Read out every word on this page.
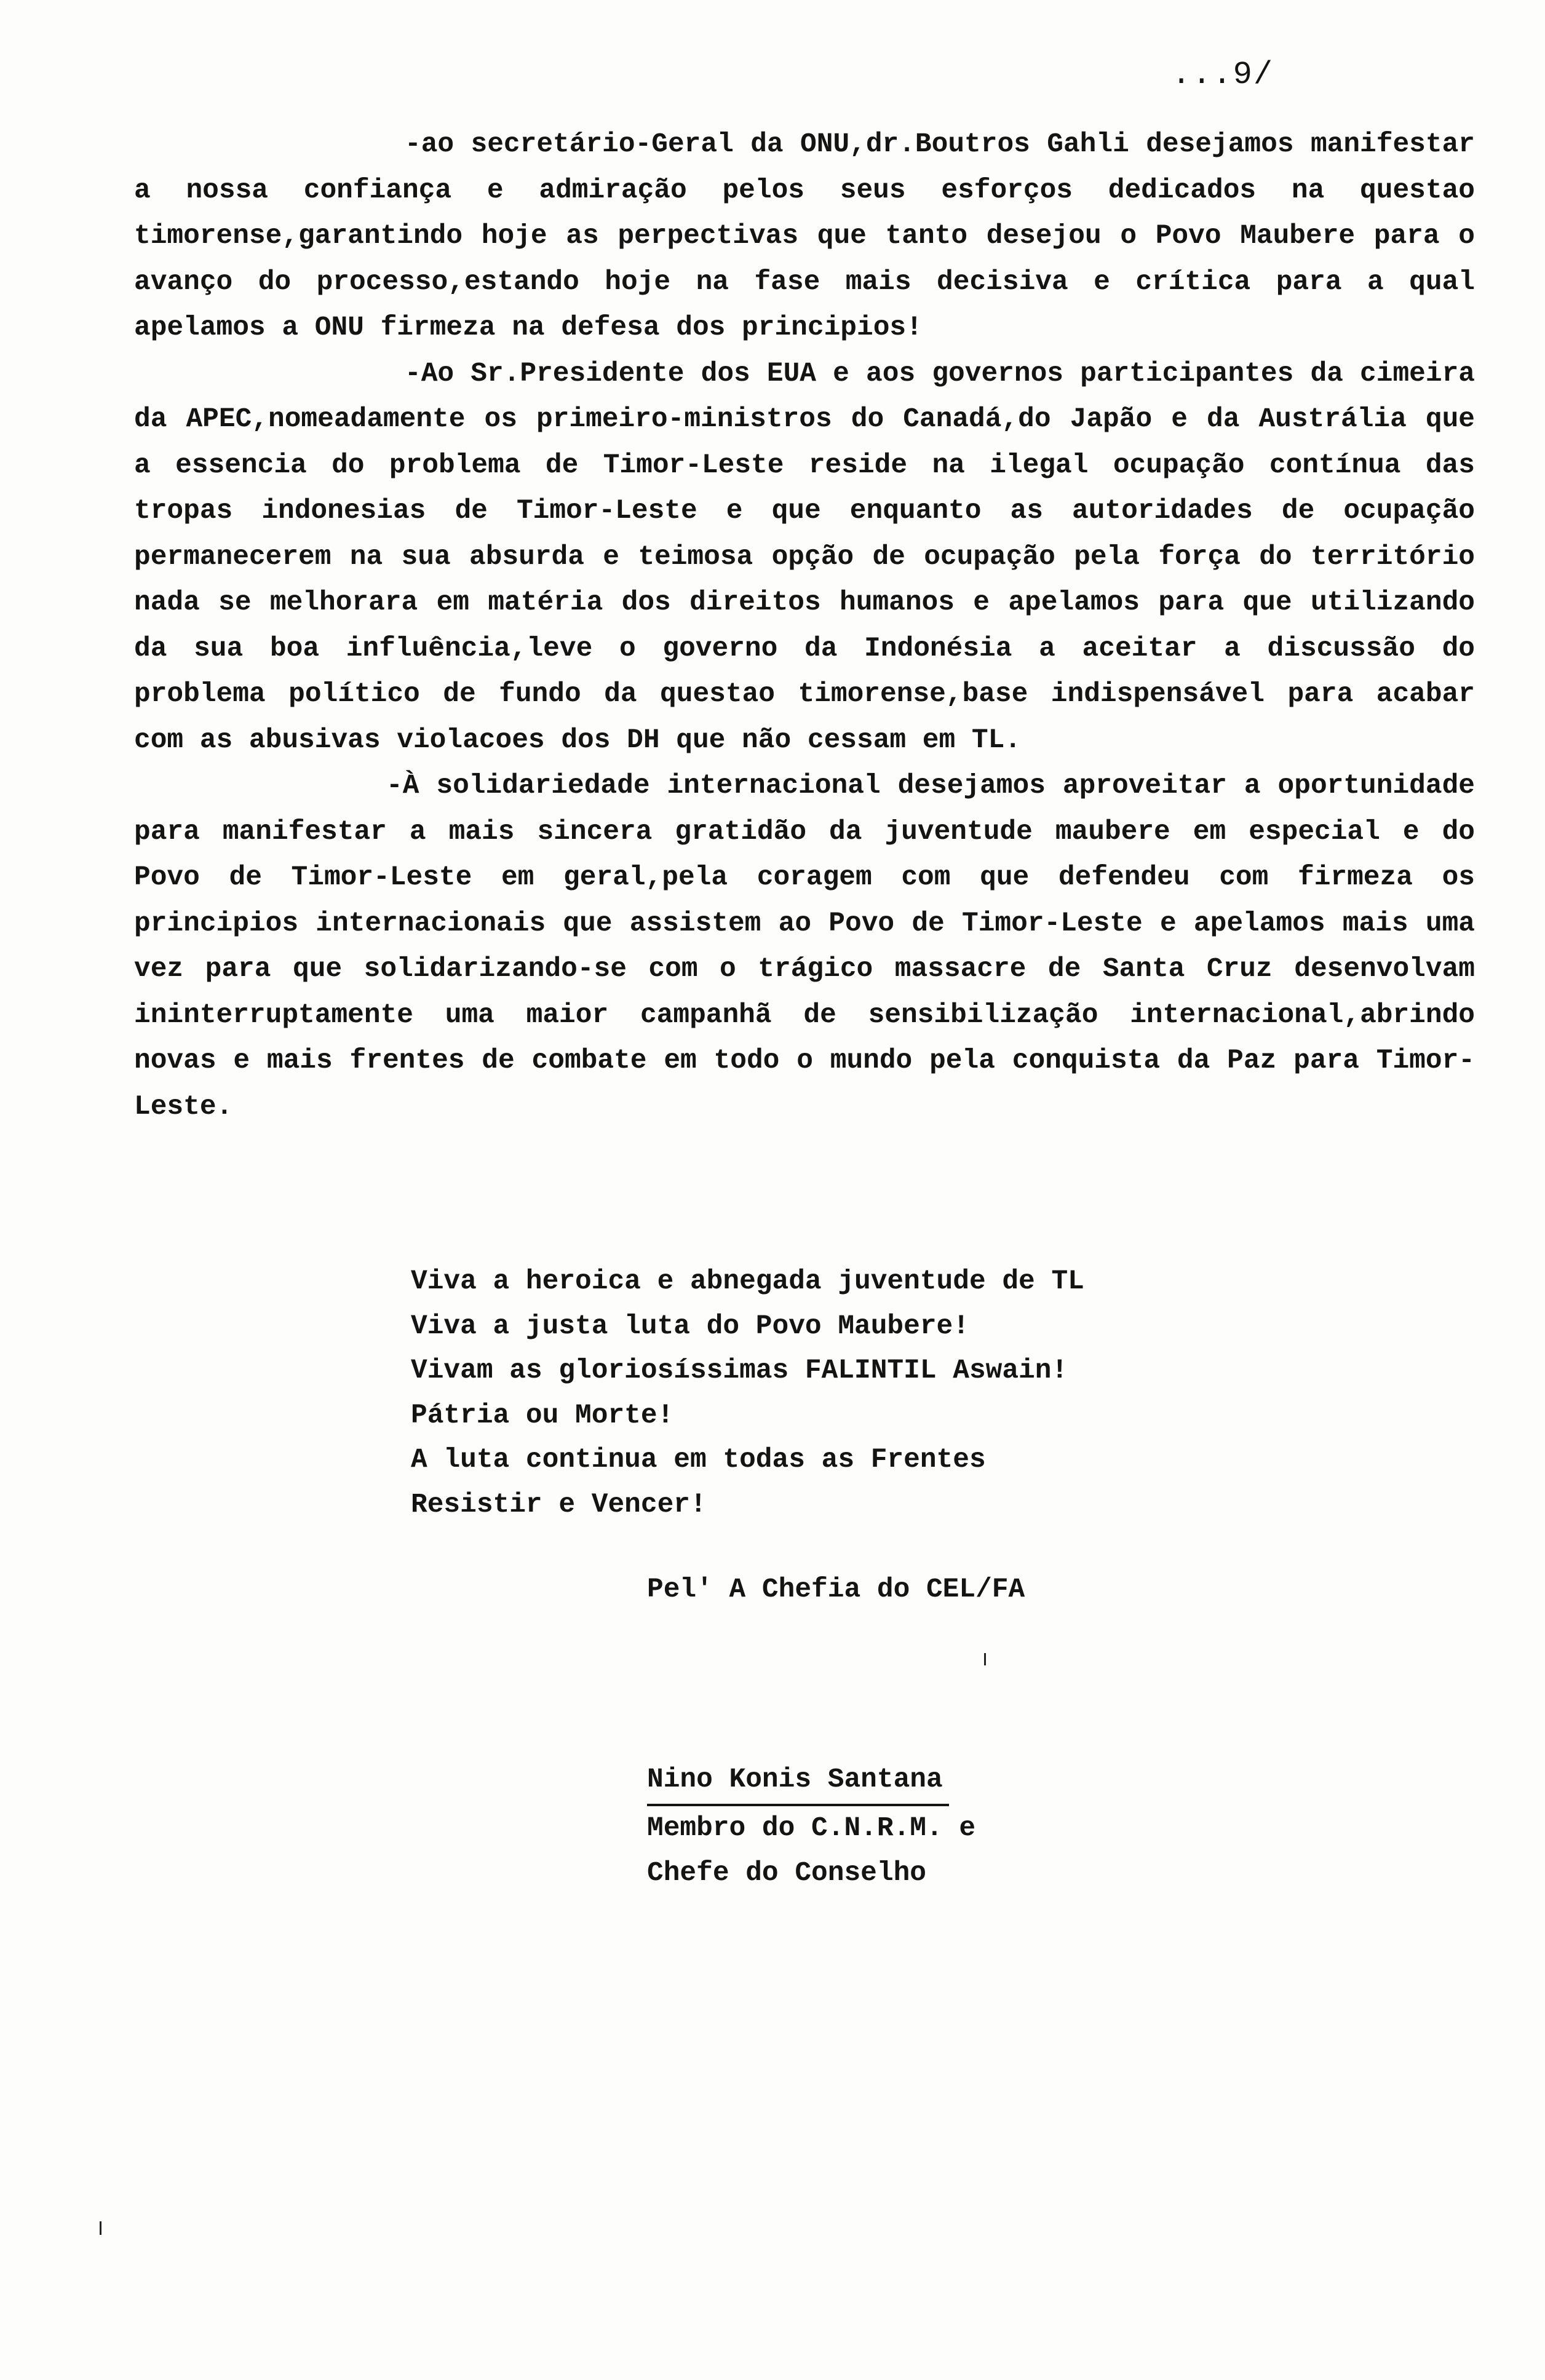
...9/

-ao secretário-Geral da ONU,dr.Boutros Gahli desejamos manifestar a nossa confiança e admiração pelos seus esforços dedicados na questao timorense,garantindo hoje as perpectivas que tanto desejou o Povo Maubere para o avanço do processo,estando hoje na fase mais decisiva e crítica para a qual apelamos a ONU firmeza na defesa dos principios!

-Ao Sr.Presidente dos EUA e aos governos participantes da cimeira da APEC,nomeadamente os primeiro-ministros do Canadá,do Japão e da Austrália que a essencia do problema de Timor-Leste reside na ilegal ocupação contínua das tropas indonesias de Timor-Leste e que enquanto as autoridades de ocupação permanecerem na sua absurda e teimosa opção de ocupação pela força do território nada se melhorara em matéria dos direitos humanos e apelamos para que utilizando da sua boa influência,leve o governo da Indonésia a aceitar a discussão do problema político de fundo da questao timorense,base indispensável para acabar com as abusivas violacoes dos DH que não cessam em TL.

-À solidariedade internacional desejamos aproveitar a oportunidade para manifestar a mais sincera gratidão da juventude maubere em especial e do Povo de Timor-Leste em geral,pela coragem com que defendeu com firmeza os principios internacionais que assistem ao Povo de Timor-Leste e apelamos mais uma vez para que solidarizando-se com o trágico massacre de Santa Cruz desenvolvam ininterruptamente uma maior campanhã de sensibilização internacional,abrindo novas e mais frentes de combate em todo o mundo pela conquista da Paz para Timor-Leste.

Viva a heroica e abnegada juventude de TL
Viva a justa luta do Povo Maubere!
Vivam as gloriosíssimas FALINTIL Aswain!
Pátria ou Morte!
A luta continua em todas as Frentes
Resistir e Vencer!
Pel' A Chefia do CEL/FA
Nino Konis Santana
Membro do C.N.R.M. e
Chefe do Conselho
